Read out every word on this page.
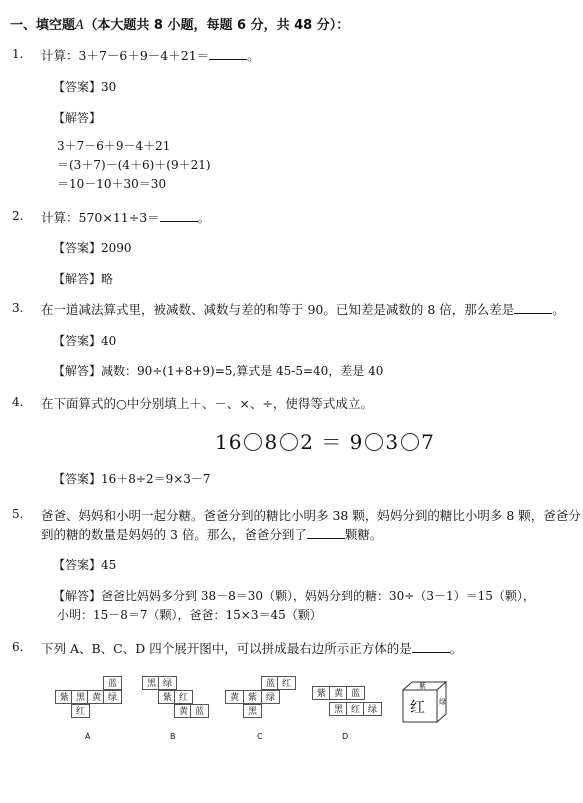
一、填空题A（本大题共 8 小题，每题 6 分，共 48 分）：
1. 计算：3＋7－6＋9－4＋21＝	。
【答案】30
【解答】
3＋7－6＋9－4＋21
＝(3＋7)－(4＋6)＋(9＋21)
＝10－10＋30＝30
2. 计算：570×11÷3＝	。
【答案】2090
【解答】略
3. 在一道减法算式里，被减数、减数与差的和等于 90。已知差是减数的 8 倍，那么差是	。
【答案】40
【解答】减数：90÷(1+8+9)=5,算式是 45-5=40，差是 40
4. 在下面算式的○中分别填上＋、－、×、÷，使得等式成立。
16 8 2 ＝ 9 3 7
【答案】16＋8÷2＝9×3－7
5. 爸爸、妈妈和小明一起分糖。爸爸分到的糖比小明多 38 颗，妈妈分到的糖比小明多 8 颗，爸爸分
到的糖的数量是妈妈的 3 倍。那么，爸爸分到了	颗糖。
【答案】45
【解答】爸爸比妈妈多分到 38－8＝30（颗），妈妈分到的糖：30÷（3－1）＝15（颗），
小明：15－8＝7（颗），爸爸：15×3＝45（颗）
6. 下列 A、B、C、D 四个展开图中，可以拼成最右边所示正方体的是	。
蓝
紫 黑 黄 绿
红
A
黑 绿
紫 红
黄 蓝
B
蓝 红
黄 紫 绿
黑
C
紫 黄 蓝
黑 红 绿
D
紫
绿
红
